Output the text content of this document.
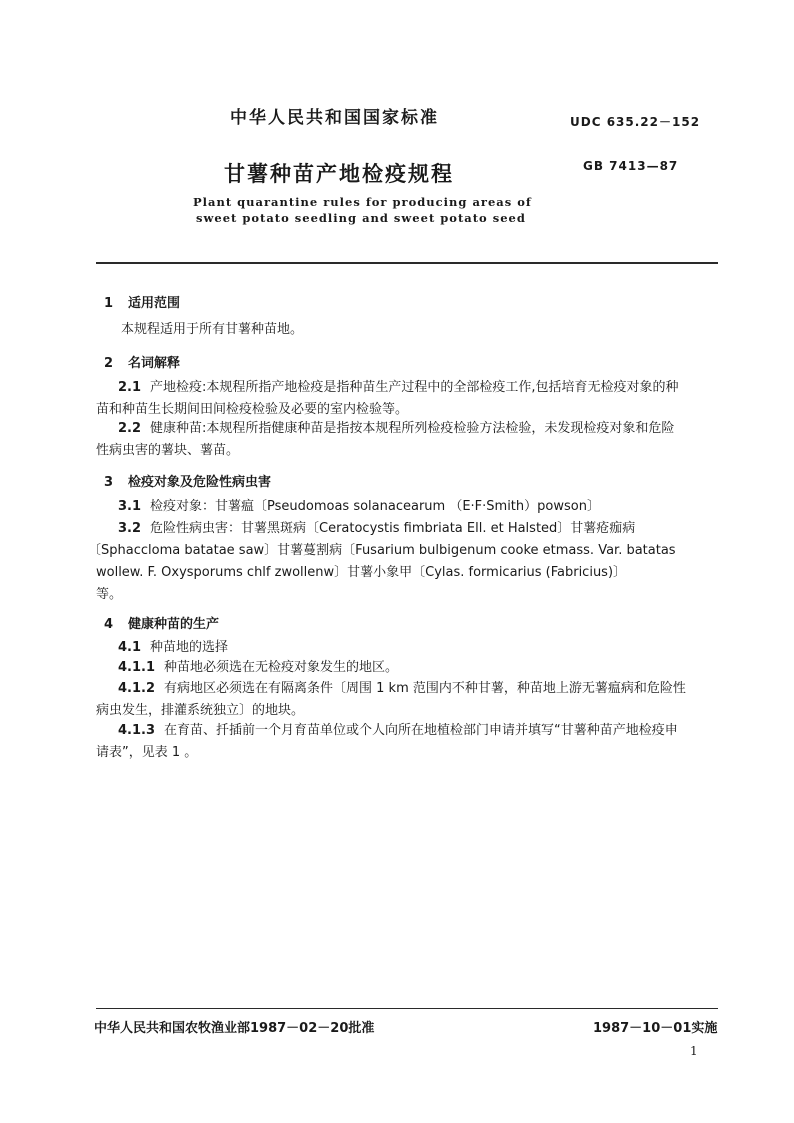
中华人民共和国国家标准	UDC 635.22－152
甘薯种苗产地检疫规程	GB 7413—87
Plant quarantine rules for producing areas of
sweet potato seedling and sweet potato seed
1 适用范围
本规程适用于所有甘薯种苗地。
2 名词解释
2.1 产地检疫:本规程所指产地检疫是指种苗生产过程中的全部检疫工作,包括培育无检疫对象的种
苗和种苗生长期间田间检疫检验及必要的室内检验等。
2.2 健康种苗:本规程所指健康种苗是指按本规程所列检疫检验方法检验，未发现检疫对象和危险
性病虫害的薯块、薯苗。
3 检疫对象及危险性病虫害
3.1 检疫对象：甘薯瘟〔Pseudomoas solanacearum （E·F·Smith）powson〕
3.2 危险性病虫害：甘薯黑斑病〔Ceratocystis fimbriata Ell. et Halsted〕甘薯疮痂病
〔Sphaccloma batatae saw〕甘薯蔓割病〔Fusarium bulbigenum cooke etmass. Var. batatas
wollew. F. Oxysporums chlf zwollenw〕甘薯小象甲〔Cylas. formicarius (Fabricius)〕
等。
4 健康种苗的生产
4.1 种苗地的选择
4.1.1 种苗地必须选在无检疫对象发生的地区。
4.1.2 有病地区必须选在有隔离条件〔周围 1 km 范围内不种甘薯，种苗地上游无薯瘟病和危险性
病虫发生，排灌系统独立〕的地块。
4.1.3 在育苗、扦插前一个月育苗单位或个人向所在地植检部门申请并填写“甘薯种苗产地检疫申
请表”，见表 1 。
中华人民共和国农牧渔业部1987－02－20批准	1987－10－01实施
1
